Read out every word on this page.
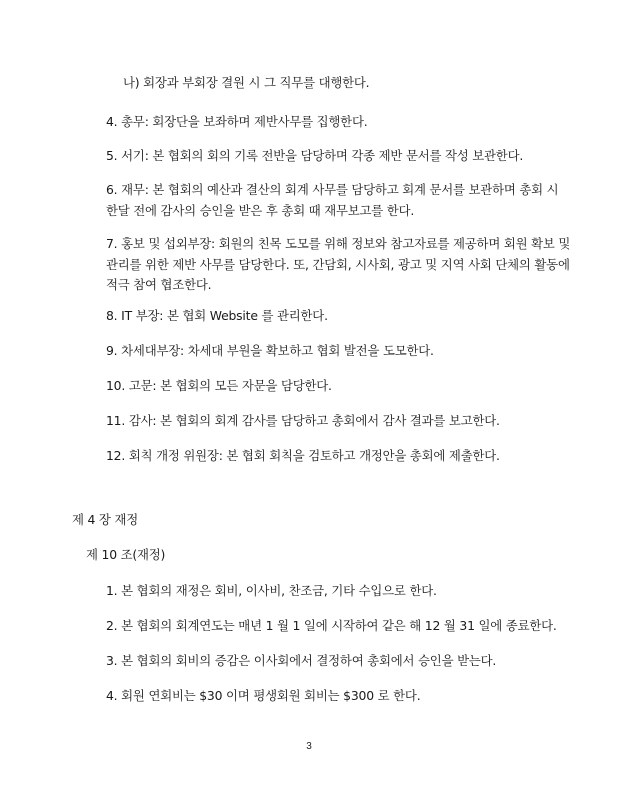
나) 회장과 부회장 결원 시 그 직무를 대행한다.
4. 총무: 회장단을 보좌하며 제반사무를 집행한다.
5. 서기: 본 협회의 회의 기록 전반을 담당하며 각종 제반 문서를 작성 보관한다.
6. 재무: 본 협회의 예산과 결산의 회계 사무를 담당하고 회계 문서를 보관하며 총회 시
한달 전에 감사의 승인을 받은 후 총회 때 재무보고를 한다.
7. 홍보 및 섭외부장: 회원의 친목 도모를 위해 정보와 참고자료를 제공하며 회원 확보 및
관리를 위한 제반 사무를 담당한다. 또, 간담회, 시사회, 광고 및 지역 사회 단체의 활동에
적극 참여 협조한다.
8. IT 부장: 본 협회 Website 를 관리한다.
9. 차세대부장: 차세대 부원을 확보하고 협회 발전을 도모한다.
10. 고문: 본 협회의 모든 자문을 담당한다.
11. 감사: 본 협회의 회계 감사를 담당하고 총회에서 감사 결과를 보고한다.
12. 회칙 개정 위원장: 본 협회 회칙을 검토하고 개정안을 총회에 제출한다.
제 4 장 재정
제 10 조(재정)
1. 본 협회의 재정은 회비, 이사비, 찬조금, 기타 수입으로 한다.
2. 본 협회의 회계연도는 매년 1 월 1 일에 시작하여 같은 해 12 월 31 일에 종료한다.
3. 본 협회의 회비의 증감은 이사회에서 결정하여 총회에서 승인을 받는다.
4. 회원 연회비는 $30 이며 평생회원 회비는 $300 로 한다.
3
